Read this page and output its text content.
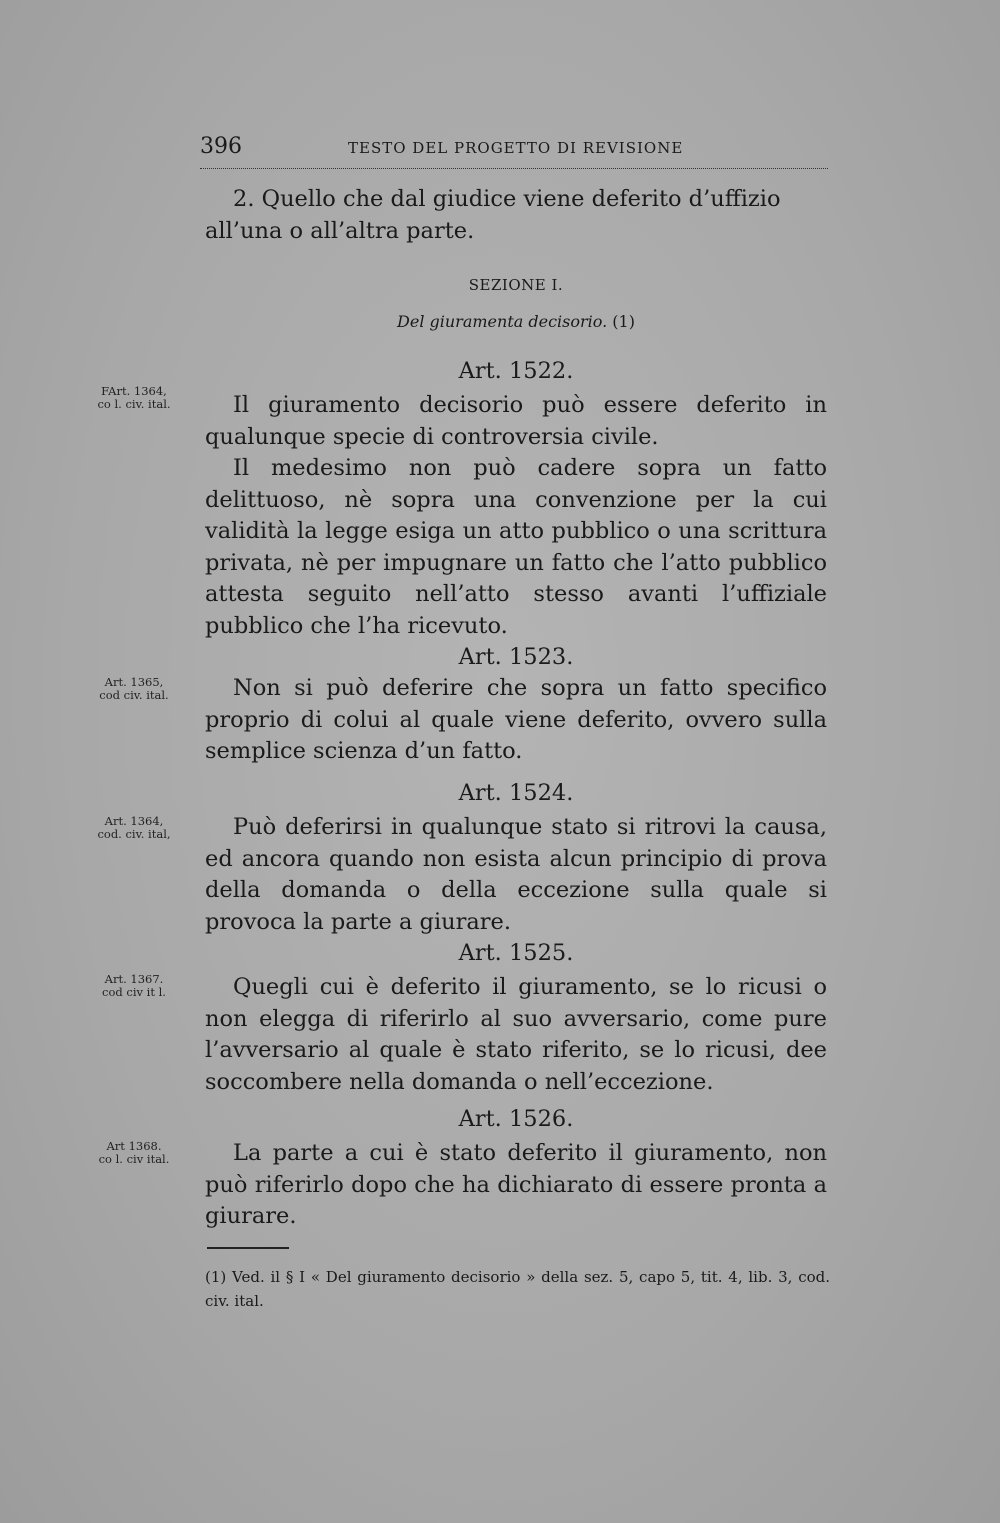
396	TESTO DEL PROGETTO DI REVISIONE

2. Quello che dal giudice viene deferito d’uffizio

all’una o all’altra parte.

SEZIONE I.
Del giuramenta decisorio. (1)
Art. 1522.
FArt. 1364,
co l. civ. ital.	Il giuramento decisorio può essere deferito in qualunque specie di controversia civile.

Il medesimo non può cadere sopra un fatto delittuoso, nè sopra una convenzione per la cui validità la legge esiga un atto pubblico o una scrittura privata, nè per impugnare un fatto che l’atto pubblico attesta seguito nell’atto stesso avanti l’uffiziale pubblico che l’ha ricevuto.

Art. 1523.
Art. 1365,
cod civ. ital.	Non si può deferire che sopra un fatto specifico proprio di colui al quale viene deferito, ovvero sulla semplice scienza d’un fatto.

Art. 1524.
Art. 1364,
cod. civ. ital,	Può deferirsi in qualunque stato si ritrovi la causa, ed ancora quando non esista alcun principio di prova della domanda o della eccezione sulla quale si provoca la parte a giurare.

Art. 1525.
Art. 1367.
cod civ it l.	Quegli cui è deferito il giuramento, se lo ricusi o non elegga di riferirlo al suo avversario, come pure l’avversario al quale è stato riferito, se lo ricusi, dee soccombere nella domanda o nell’eccezione.

Art. 1526.
Art 1368.
co l. civ ital.	La parte a cui è stato deferito il giuramento, non può riferirlo dopo che ha dichiarato di essere pronta a giurare.

(1) Ved. il § I « Del giuramento decisorio » della sez. 5, capo 5, tit. 4, lib. 3, cod. civ. ital.
